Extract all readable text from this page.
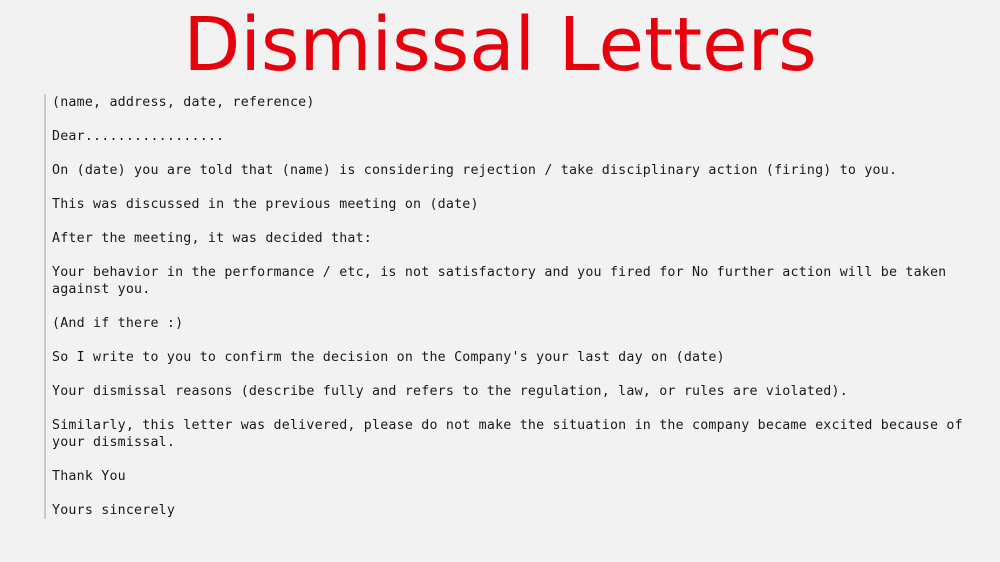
Dismissal Letters

(name, address, date, reference)

Dear.................

On (date) you are told that (name) is considering rejection / take disciplinary action (firing) to you.

This was discussed in the previous meeting on (date)

After the meeting, it was decided that:

Your behavior in the performance / etc, is not satisfactory and you fired for No further action will be taken against you.

(And if there :)

So I write to you to confirm the decision on the Company's your last day on (date)

Your dismissal reasons (describe fully and refers to the regulation, law, or rules are violated).

Similarly, this letter was delivered, please do not make the situation in the company became excited because of your dismissal.

Thank You

Yours sincerely
